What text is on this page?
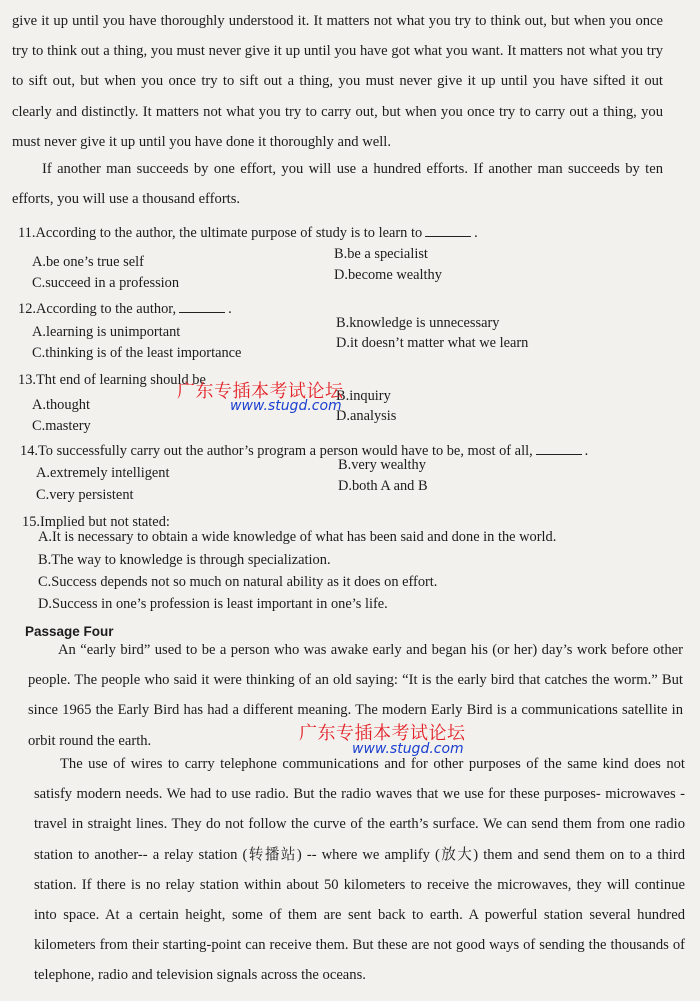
give it up until you have thoroughly understood it. It matters not what you try to think out, but when you once try to think out a thing, you must never give it up until you have got what you want. It matters not what you try to sift out, but when you once try to sift out a thing, you must never give it up until you have sifted it out clearly and distinctly. It matters not what you try to carry out, but when you once try to carry out a thing, you must never give it up until you have done it thoroughly and well.

If another man succeeds by one effort, you will use a hundred efforts. If another man succeeds by ten efforts, you will use a thousand efforts.

11.According to the author, the ultimate purpose of study is to learn to	.
A.be one’s true self	B.be a specialist
C.succeed in a profession	D.become wealthy
12.According to the author,	.
A.learning is unimportant
B.knowledge is unnecessary
C.thinking is of the least importance
D.it doesn’t matter what we learn
13.Tht end of learning should be
A.thought
B.inquiry
C.mastery
D.analysis
14.To successfully carry out the author’s program a person would have to be, most of all,	.
A.extremely intelligent	B.very wealthy
C.very persistent
D.both A and B
15.Implied but not stated:
A.It is necessary to obtain a wide knowledge of what has been said and done in the world.
B.The way to knowledge is through specialization.
C.Success depends not so much on natural ability as it does on effort.
D.Success in one’s profession is least important in one’s life.
Passage Four

An “early bird” used to be a person who was awake early and began his (or her) day’s work before other people. The people who said it were thinking of an old saying: “It is the early bird that catches the worm.” But since 1965 the Early Bird has had a different meaning. The modern Early Bird is a communications satellite in orbit round the earth.

The use of wires to carry telephone communications and for other purposes of the same kind does not satisfy modern needs. We had to use radio. But the radio waves that we use for these purposes- microwaves - travel in straight lines. They do not follow the curve of the earth’s surface. We can send them from one radio station to another-- a relay station (转播站) -- where we amplify (放大) them and send them on to a third station. If there is no relay station within about 50 kilometers to receive the microwaves, they will continue into space. At a certain height, some of them are sent back to earth. A powerful station several hundred kilometers from their starting-point can receive them. But these are not good ways of sending the thousands of telephone, radio and television signals across the oceans.

广东专插本考试论坛
www.stugd.com
广东专插本考试论坛
www.stugd.com
